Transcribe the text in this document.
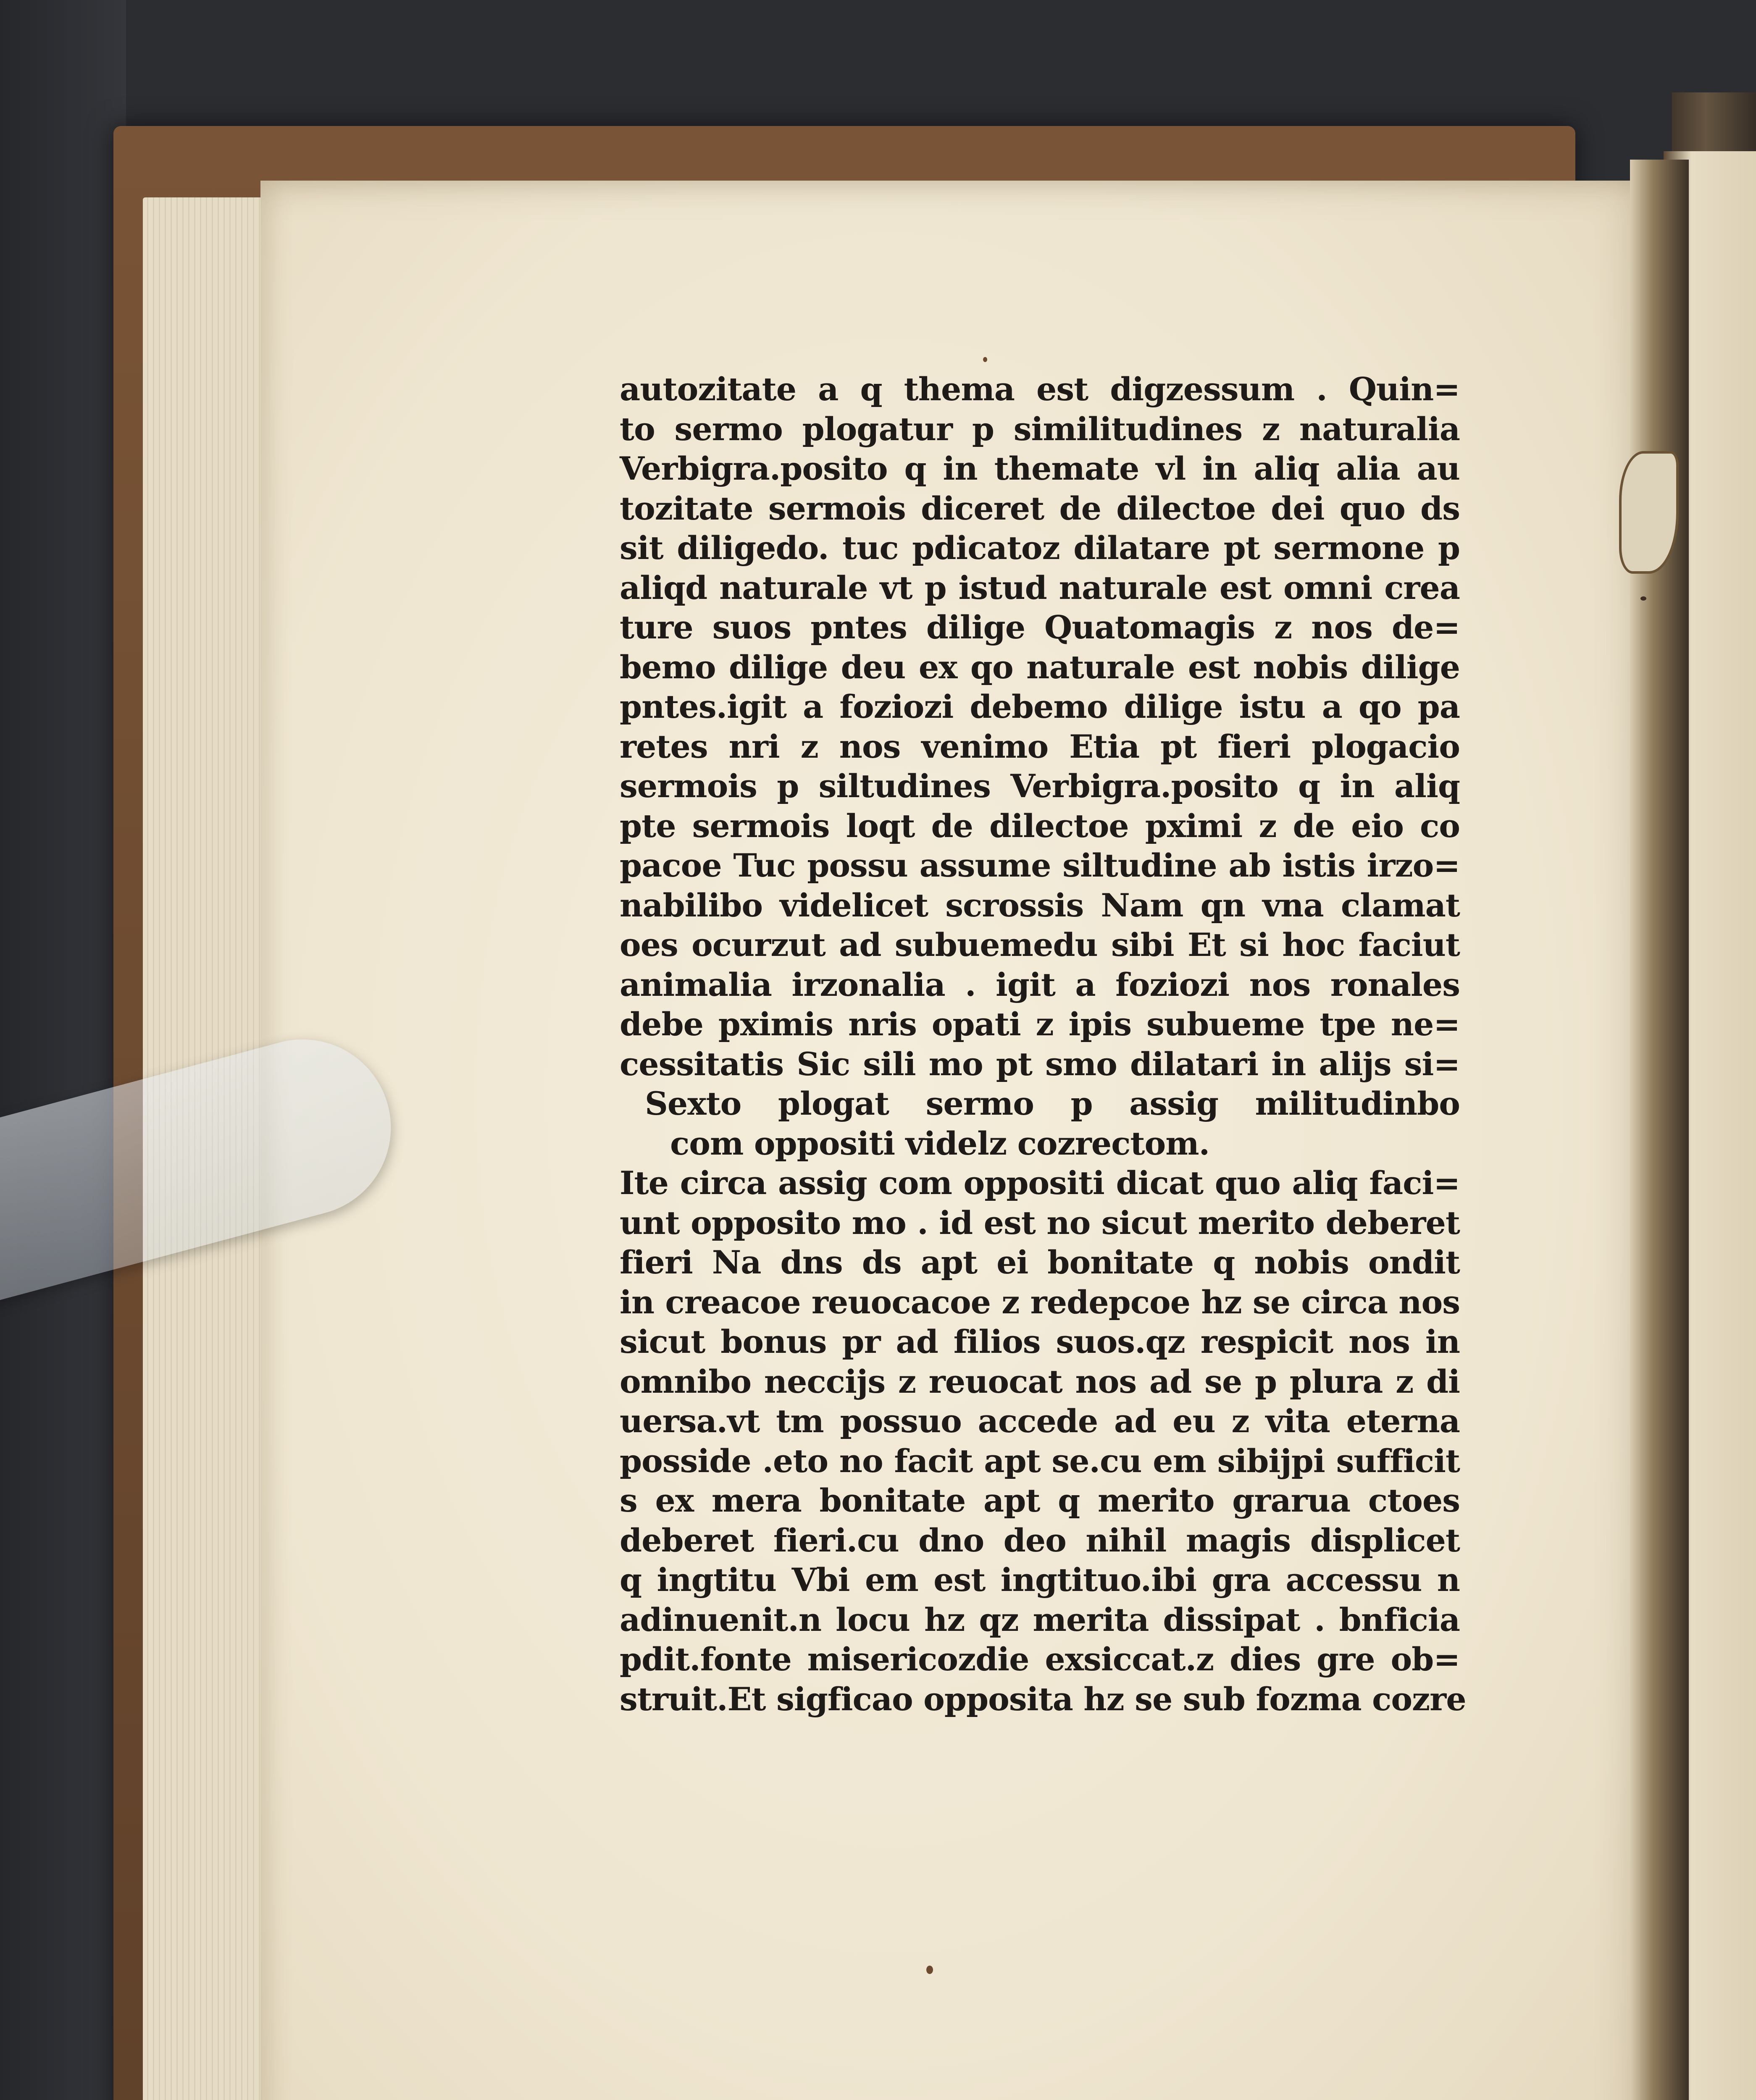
autozitate a q thema est digzessum . Quin=
to sermo plogatur p similitudines z naturalia
Verbigra.posito q in themate vl in aliq alia au
tozitate sermois diceret de dilectoe dei quo ds
sit diligedo. tuc pdicatoz dilatare pt sermone p
aliqd naturale vt p istud naturale est omni crea
ture suos pntes dilige Quatomagis z nos de=
bemo dilige deu ex qo naturale est nobis dilige
pntes.igit a foziozi debemo dilige istu a qo pa
retes nri z nos venimo Etia pt fieri plogacio
sermois p siltudines Verbigra.posito q in aliq
pte sermois loqt de dilectoe pximi z de eio co
pacoe Tuc possu assume siltudine ab istis irzo=
nabilibo videlicet scrossis Nam qn vna clamat
oes ocurzut ad subuemedu sibi Et si hoc faciut
animalia irzonalia . igit a foziozi nos ronales
debe pximis nris opati z ipis subueme tpe ne=
cessitatis Sic sili mo pt smo dilatari in alijs si=
Sexto plogat sermo p assig militudinbo
com oppositi videlz cozrectom.
Ite circa assig com oppositi dicat quo aliq faci=
unt opposito mo . id est no sicut merito deberet
fieri Na dns ds apt ei bonitate q nobis ondit
in creacoe reuocacoe z redepcoe hz se circa nos
sicut bonus pr ad filios suos.qz respicit nos in
omnibo neccijs z reuocat nos ad se p plura z di
uersa.vt tm possuo accede ad eu z vita eterna
posside .eto no facit apt se.cu em sibijpi sufficit
s ex mera bonitate apt q merito grarua ctoes
deberet fieri.cu dno deo nihil magis displicet
q ingtitu Vbi em est ingtituo.ibi gra accessu n
adinuenit.n locu hz qz merita dissipat . bnficia
pdit.fonte misericozdie exsiccat.z dies gre ob=
struit.Et sigficao opposita hz se sub fozma cozre
